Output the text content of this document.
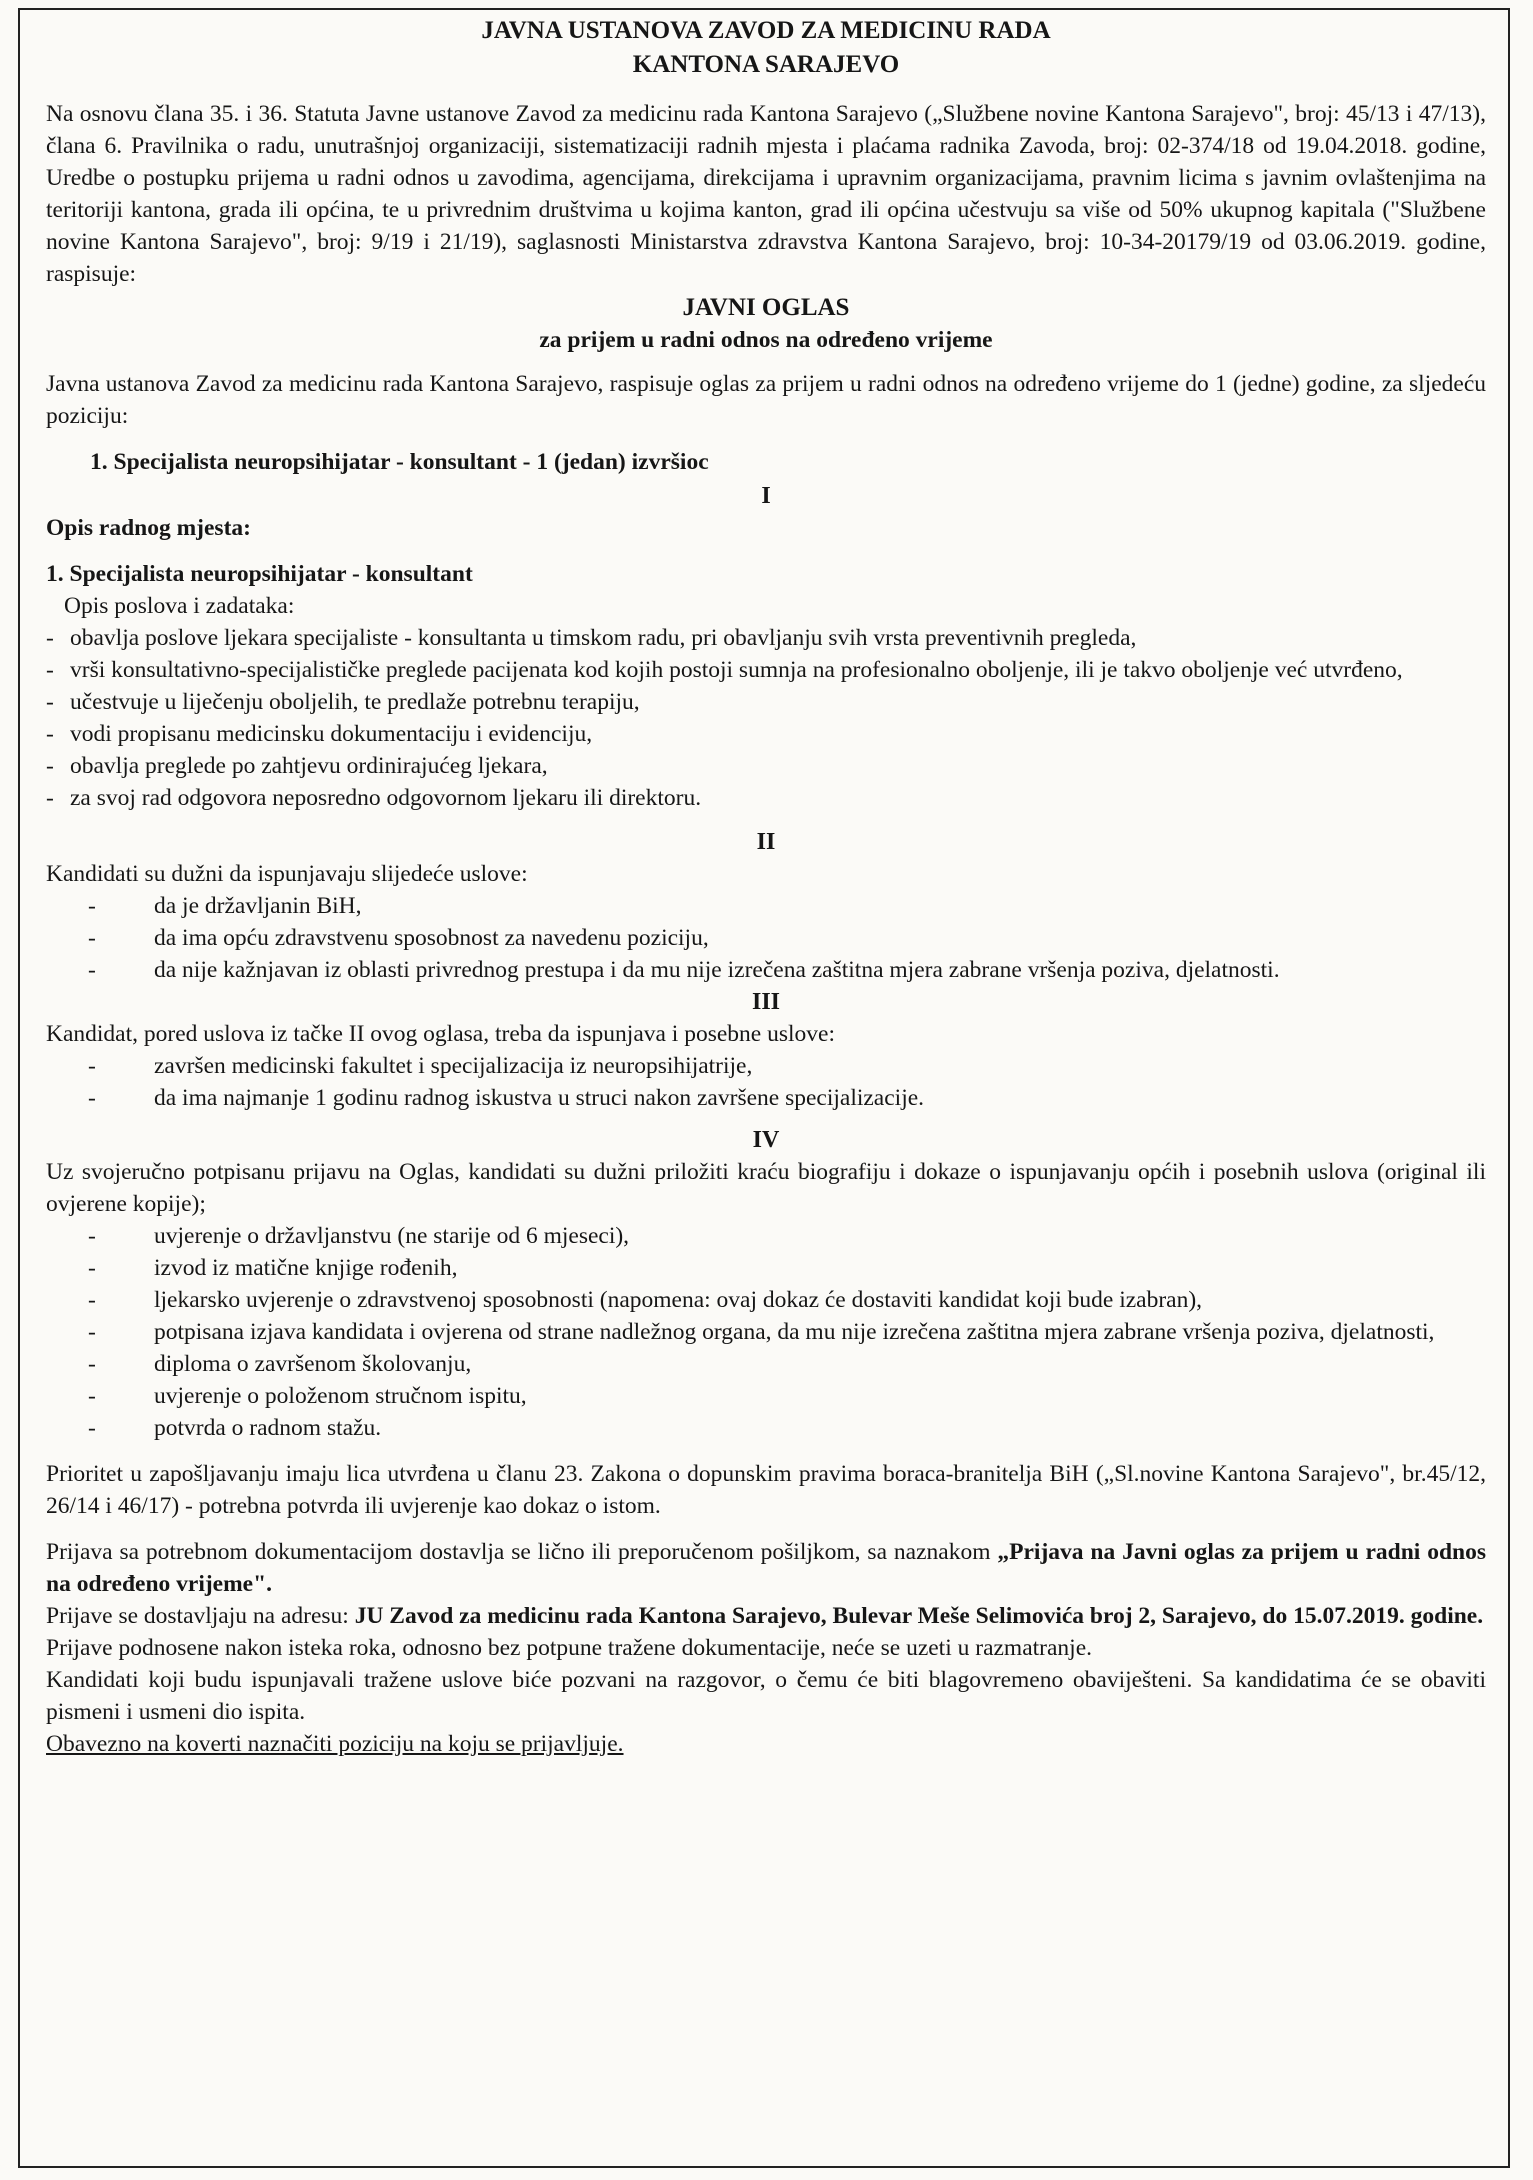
JAVNA USTANOVA ZAVOD ZA MEDICINU RADA
KANTONA SARAJEVO

Na osnovu člana 35. i 36. Statuta Javne ustanove Zavod za medicinu rada Kantona Sarajevo („Službene novine Kantona Sarajevo", broj: 45/13 i 47/13), člana 6. Pravilnika o radu, unutrašnjoj organizaciji, sistematizaciji radnih mjesta i plaćama radnika Zavoda, broj: 02-374/18 od 19.04.2018. godine, Uredbe o postupku prijema u radni odnos u zavodima, agencijama, direkcijama i upravnim organizacijama, pravnim licima s javnim ovlaštenjima na teritoriji kantona, grada ili općina, te u privrednim društvima u kojima kanton, grad ili općina učestvuju sa više od 50% ukupnog kapitala ("Službene novine Kantona Sarajevo", broj: 9/19 i 21/19), saglasnosti Ministarstva zdravstva Kantona Sarajevo, broj: 10-34-20179/19 od 03.06.2019. godine, raspisuje:

JAVNI OGLAS
za prijem u radni odnos na određeno vrijeme

Javna ustanova Zavod za medicinu rada Kantona Sarajevo, raspisuje oglas za prijem u radni odnos na određeno vrijeme do 1 (jedne) godine, za sljedeću poziciju:

1. Specijalista neuropsihijatar - konsultant - 1 (jedan) izvršioc
I
Opis radnog mjesta:
1. Specijalista neuropsihijatar - konsultant
Opis poslova i zadataka:
-obavlja poslove ljekara specijaliste - konsultanta u timskom radu, pri obavljanju svih vrsta preventivnih pregleda,
-vrši konsultativno-specijalističke preglede pacijenata kod kojih postoji sumnja na profesionalno oboljenje, ili je takvo oboljenje već utvrđeno,
-učestvuje u liječenju oboljelih, te predlaže potrebnu terapiju,
-vodi propisanu medicinsku dokumentaciju i evidenciju,
-obavlja preglede po zahtjevu ordinirajućeg ljekara,
-za svoj rad odgovora neposredno odgovornom ljekaru ili direktoru.
II

Kandidati su dužni da ispunjavaju slijedeće uslove:

- da je državljanin BiH,
- da ima opću zdravstvenu sposobnost za navedenu poziciju,
- da nije kažnjavan iz oblasti privrednog prestupa i da mu nije izrečena zaštitna mjera zabrane vršenja poziva, djelatnosti.
III

Kandidat, pored uslova iz tačke II ovog oglasa, treba da ispunjava i posebne uslove:

- završen medicinski fakultet i specijalizacija iz neuropsihijatrije,
- da ima najmanje 1 godinu radnog iskustva u struci nakon završene specijalizacije.
IV

Uz svojeručno potpisanu prijavu na Oglas, kandidati su dužni priložiti kraću biografiju i dokaze o ispunjavanju općih i posebnih uslova (original ili ovjerene kopije);

- uvjerenje o državljanstvu (ne starije od 6 mjeseci),
- izvod iz matične knjige rođenih,
- ljekarsko uvjerenje o zdravstvenoj sposobnosti (napomena: ovaj dokaz će dostaviti kandidat koji bude izabran),
- potpisana izjava kandidata i ovjerena od strane nadležnog organa, da mu nije izrečena zaštitna mjera zabrane vršenja poziva, djelatnosti,
- diploma o završenom školovanju,
- uvjerenje o položenom stručnom ispitu,
- potvrda o radnom stažu.

Prioritet u zapošljavanju imaju lica utvrđena u članu 23. Zakona o dopunskim pravima boraca-branitelja BiH („Sl.novine Kantona Sarajevo", br.45/12, 26/14 i 46/17) - potrebna potvrda ili uvjerenje kao dokaz o istom.

Prijava sa potrebnom dokumentacijom dostavlja se lično ili preporučenom pošiljkom, sa naznakom „Prijava na Javni oglas za prijem u radni odnos na određeno vrijeme".

Prijave se dostavljaju na adresu: JU Zavod za medicinu rada Kantona Sarajevo, Bulevar Meše Selimovića broj 2, Sarajevo, do 15.07.2019. godine.

Prijave podnosene nakon isteka roka, odnosno bez potpune tražene dokumentacije, neće se uzeti u razmatranje.

Kandidati koji budu ispunjavali tražene uslove biće pozvani na razgovor, o čemu će biti blagovremeno obaviješteni. Sa kandidatima će se obaviti pismeni i usmeni dio ispita.

Obavezno na koverti naznačiti poziciju na koju se prijavljuje.
